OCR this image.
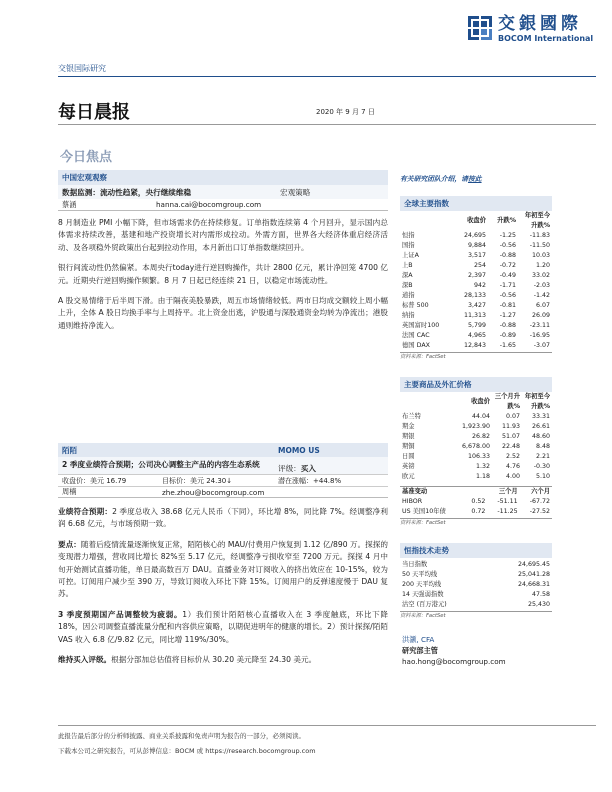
交銀國際
BOCOM International
交银国际研究
每日晨报	2020 年 9 月 7 日
今日焦点
中国宏观观察
数据监测：流动性趋紧，央行继续维稳	宏观策略
蔡涵	hanna.cai@bocomgroup.com

8 月制造业 PMI 小幅下降，但市场需求仍在持续修复。订单指数连续第 4 个月回升，显示国内总体需求持续改善，基建和地产投资增长对内需形成拉动。外需方面，世界各大经济体重启经济活动、及各项稳外贸政策出台起到拉动作用，本月新出口订单指数继续回升。

银行间流动性仍然偏紧。本周央行today进行逆回购操作，共计 2800 亿元，累计净回笼 4700 亿元。近期央行逆回购操作频繁。8 月 7 日起已经连续 21 日，以稳定市场流动性。

A 股交易情绪于后半周下滑。由于隔夜美股暴跌，周五市场情绪较低。两市日均成交额较上周小幅上升，全体 A 股日均换手率与上周持平。北上资金出逃，沪股通与深股通资金均转为净流出；港股通则维持净流入。

陌陌	MOMO US
2 季度业绩符合预期；公司决心调整主产品的内容生态系统	评级：买入
收盘价：美元 16.79	目标价：美元 24.30↓	潜在涨幅：+44.8%
周楠	zhe.zhou@bocomgroup.com

业绩符合预期：2 季度总收入 38.68 亿元人民币（下同），环比增 8%，同比降 7%。经调整净利润 6.68 亿元，与市场预期一致。

要点：随着后疫情流量逐渐恢复正常，陌陌核心的 MAU/付费用户恢复到 1.12 亿/890 万。探探的变现潜力增强，营收同比增长 82%至 5.17 亿元，经调整净亏损收窄至 7200 万元。探探 4 月中旬开始测试直播功能，单日最高数百万 DAU。直播业务对订阅收入的挤出效应在 10-15%，较为可控。订阅用户减少至 390 万，导致订阅收入环比下降 15%。订阅用户的反弹速度慢于 DAU 复苏。

3 季度预期国产品调整较为疲弱。1）我们预计陌陌核心直播收入在 3 季度触底，环比下降 18%，因公司调整直播流量分配和内容供应策略，以期促进明年的健康的增长。2）预计探探/陌陌 VAS 收入 6.8 亿/9.82 亿元，同比增 119%/30%。

维持买入评级。根据分部加总估值将目标价从 30.20 美元降至 24.30 美元。

有关研究团队介绍，请按此
全球主要指数
	收盘价	升跌%	年初至今升跌%
恒指	24,695	-1.25	-11.83
国指	9,884	-0.56	-11.50
上证A	3,517	-0.88	10.03
上B	254	-0.72	1.20
深A	2,397	-0.49	33.02
深B	942	-1.71	-2.03
道指	28,133	-0.56	-1.42
标普 500	3,427	-0.81	6.07
纳指	11,313	-1.27	26.09
英国富时100	5,799	-0.88	-23.11
法国 CAC	4,965	-0.89	-16.95
德国 DAX	12,843	-1.65	-3.07
资料来源：FactSet
主要商品及外汇价格
	收盘价	三个月升跌%	年初至今升跌%
布兰特	44.04	0.07	33.31
期金	1,923.90	11.93	26.61
期银	26.82	51.07	48.60
期铜	6,678.00	22.48	8.48
日圆	106.33	2.52	2.21
英镑	1.32	4.76	-0.30
欧元	1.18	4.00	5.10
基准变动		三个月	六个月
HIBOR	0.52	-51.11	-67.72
US 美国10年债	0.72	-11.25	-27.52
资料来源：FactSet
恒指技术走势
当日指数	24,695.45
50 天平均线	25,041.28
200 天平均线	24,668.31
14 天强弱指数	47.58
沽空 (百万港元)	25,430
资料来源：FactSet
洪灏, CFA
研究部主管
hao.hong@bocomgroup.com
此报告最后部分的分析师披露、商业关系披露和免责声明为报告的一部分，必须阅读。
下载本公司之研究报告，可从彭博信息：BOCM 或 https://research.bocomgroup.com
